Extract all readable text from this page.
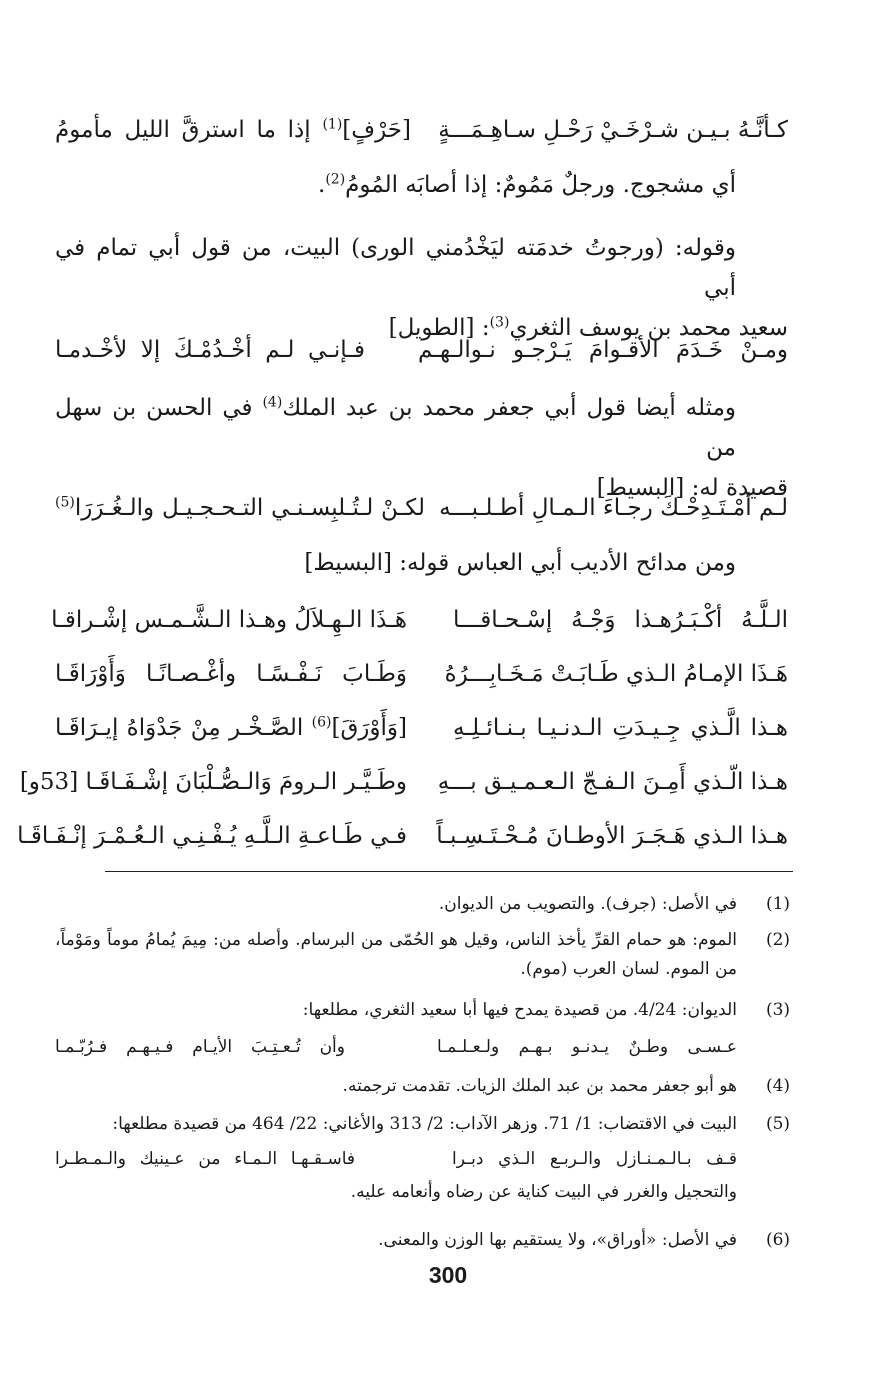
كـأنَّـهُ بـيـن شـرْخَـيْ رَحْـلِ سـاهِـمَـــةٍ
[حَرْفٍ]$^{(1)}$ إذا ما استرقَّ الليل مأمومُ
أي مشجوج. ورجلٌ مَمُومٌ: إذا أصابَه المُومُ$^{(2)}$.
وقوله: (ورجوتُ خدمَته ليَخْدُمني الورى) البيت، من قول أبي تمام في أبي
سعيد محمد بن يوسف الثغري$^{(3)}$: [الطويل]
ومـنْ خَـدَمَ الأقـوامَ يَـرْجـو نـوالـهـم
فـإنـي لـم أخْـدُمْـكَ إلا لأخْـدمـا
ومثله أيضا قول أبي جعفر محمد بن عبد الملك$^{(4)}$ في الحسن بن سهل من
قصيدة له: [البسيط]
لـم أمْـتَـدِحْـكَ رجـاءَ الـمـالِ أطـلـبـــه
لكـنْ لـتُـلبِسـنـي التـحـجـيـل والـغُـرَرَا$^{(5)}$
ومن مدائح الأديب أبي العباس قوله: [البسيط]
الـلَّـهُ أكْـبَـرُهـذا وَجْـهُ إسْـحـاقـــا
هَـذَا الـهِـلاَلُ وهـذا الـشَّـمـس إشْـراقـا
هَـذَا الإمـامُ الـذي طَـابَـتْ مَـخَـابِـــرُهُ
وَطَـابَ نَـفْـسًـا وأغْـصـانًـا وَأَوْرَاقَـا
هـذا الَّـذي جِـيـدَتِ الـدنـيـا بـنـائـلِـهِ
[وَأَوْرَقَ]$^{(6)}$ الصَّـخْـر مِنْ جَدْوَاهُ إيـرَاقَـا
هـذا الّـذي أَمِـنَ الـفـجّ الـعـمـيـق بـــهِ
وطَـيَّـر الـرومَ وَالـصُّـلْبَانَ إشْـفَـاقَـا [53و]
هـذا الـذي هَـجَـرَ الأوطـانَ مُـحْـتَـسِـبـاً
فـي طَـاعـةِ الـلَّـهِ يُـفْـنِـي الـعُـمْـرَ إنْـفَـاقَـا
(1)
في الأصل: (جرف). والتصويب من الديوان.
(2)
الموم: هو حمام القرِّ يأخذ الناس، وقيل هو الحُمّى من البرسام. وأصله من: مِيمَ يُمامُ موماً ومَوْماً، من الموم. لسان العرب (موم).
(3)
الديوان: 4/24. من قصيدة يمدح فيها أبا سعيد الثغري، مطلعها:
عـسـى وطـنٌ يـدنـو بـهـم ولـعـلـمـا
وأن تُـعـتِـبَ الأيـام فـيـهـم فـرُبّـمـا
(4)
هو أبو جعفر محمد بن عبد الملك الزيات. تقدمت ترجمته.
(5)
البيت في الاقتضاب: 1/ 71. وزهر الآداب: 2/ 313 والأغاني: 22/ 464 من قصيدة مطلعها:
قـف بـالـمـنـازل والـربـع الـذي دبـرا
فاسـقـهـا الـمـاء من عـينيك والـمـطـرا
والتحجيل والغرر في البيت كناية عن رضاه وأنعامه عليه.
(6)
في الأصل: «أوراق»، ولا يستقيم بها الوزن والمعنى.
300
